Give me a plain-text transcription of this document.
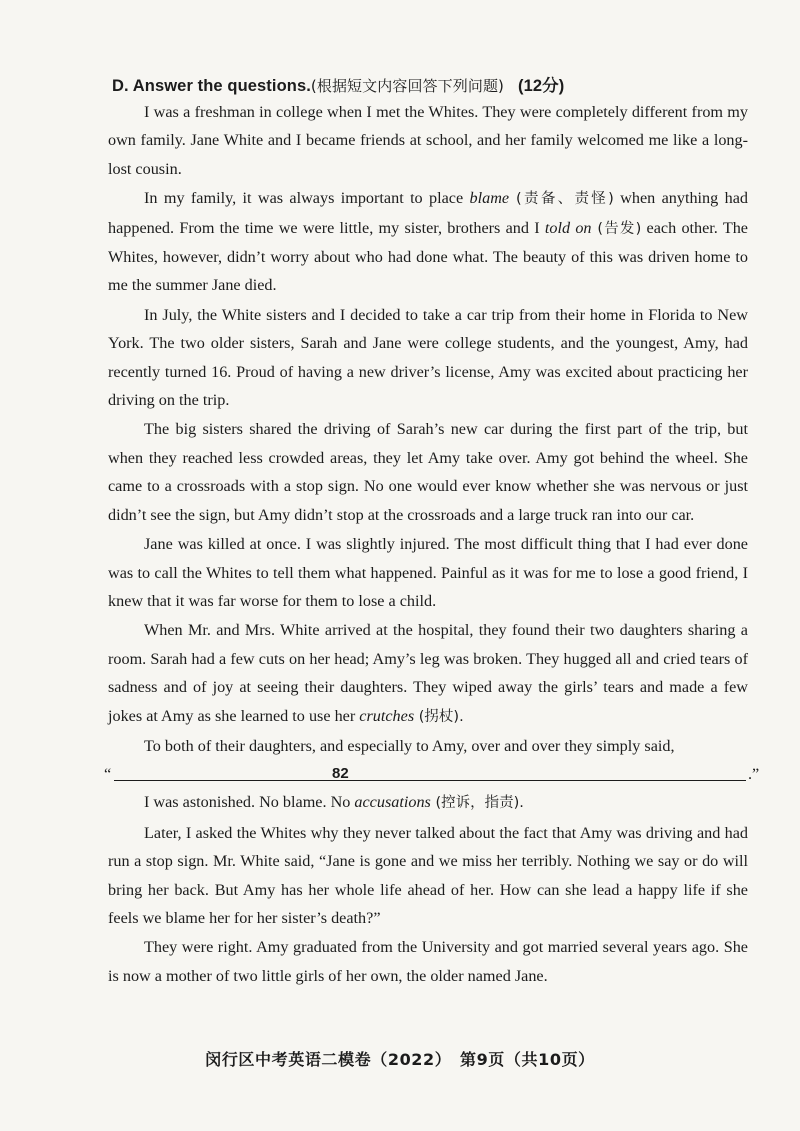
D. Answer the questions.(根据短文内容回答下列问题) (12分)

I was a freshman in college when I met the Whites. They were completely different from my own family. Jane White and I became friends at school, and her family welcomed me like a long-lost cousin.

In my family, it was always important to place blame (责备、责怪) when anything had happened. From the time we were little, my sister, brothers and I told on (告发) each other. The Whites, however, didn’t worry about who had done what. The beauty of this was driven home to me the summer Jane died.

In July, the White sisters and I decided to take a car trip from their home in Florida to New York. The two older sisters, Sarah and Jane were college students, and the youngest, Amy, had recently turned 16. Proud of having a new driver’s license, Amy was excited about practicing her driving on the trip.

The big sisters shared the driving of Sarah’s new car during the first part of the trip, but when they reached less crowded areas, they let Amy take over. Amy got behind the wheel. She came to a crossroads with a stop sign. No one would ever know whether she was nervous or just didn’t see the sign, but Amy didn’t stop at the crossroads and a large truck ran into our car.

Jane was killed at once. I was slightly injured. The most difficult thing that I had ever done was to call the Whites to tell them what happened. Painful as it was for me to lose a good friend, I knew that it was far worse for them to lose a child.

When Mr. and Mrs. White arrived at the hospital, they found their two daughters sharing a room. Sarah had a few cuts on her head; Amy’s leg was broken. They hugged all and cried tears of sadness and of joy at seeing their daughters. They wiped away the girls’ tears and made a few jokes at Amy as she learned to use her crutches (拐杖).

To both of their daughters, and especially to Amy, over and over they simply said,

“	82	.”

I was astonished. No blame. No accusations (控诉，指责).

Later, I asked the Whites why they never talked about the fact that Amy was driving and had run a stop sign. Mr. White said, “Jane is gone and we miss her terribly. Nothing we say or do will bring her back. But Amy has her whole life ahead of her. How can she lead a happy life if she feels we blame her for her sister’s death?”

They were right. Amy graduated from the University and got married several years ago. She is now a mother of two little girls of her own, the older named Jane.

闵行区中考英语二模卷（2022）　第9页（共10页）
